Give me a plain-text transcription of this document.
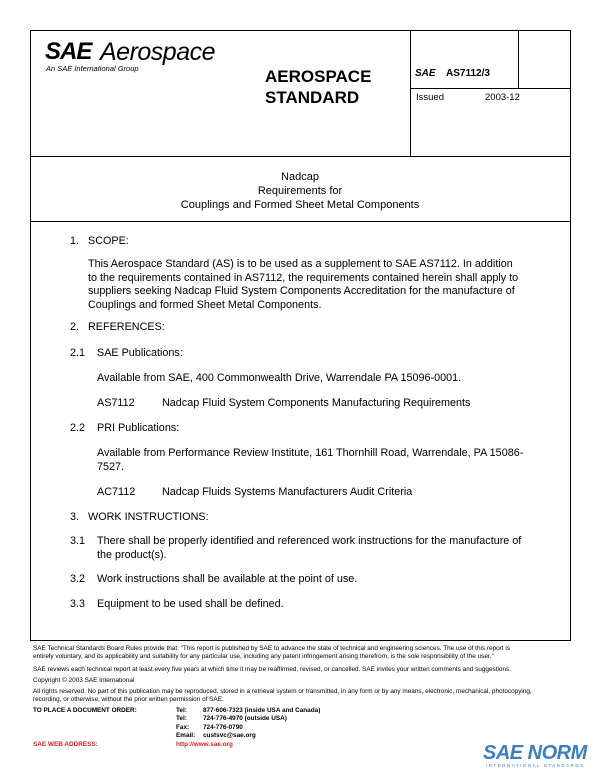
SAE Aerospace
An SAE International Group	AEROSPACE
STANDARD
SAE AS7112/3
Issued	2003-12
Nadcap
Requirements for
Couplings and Formed Sheet Metal Components
1. SCOPE:
This Aerospace Standard (AS) is to be used as a supplement to SAE AS7112. In addition
to the requirements contained in AS7112, the requirements contained herein shall apply to
suppliers seeking Nadcap Fluid System Components Accreditation for the manufacture of
Couplings and formed Sheet Metal Components.
2. REFERENCES:
2.1 SAE Publications:
Available from SAE, 400 Commonwealth Drive, Warrendale PA 15096-0001.
AS7112	Nadcap Fluid System Components Manufacturing Requirements
2.2 PRI Publications:
Available from Performance Review Institute, 161 Thornhill Road, Warrendale, PA 15086-
7527.
AC7112 Nadcap Fluids Systems Manufacturers Audit Criteria
3. WORK INSTRUCTIONS:
3.1 There shall be properly identified and referenced work instructions for the manufacture of
the product(s).
3.2 Work instructions shall be available at the point of use.
3.3 Equipment to be used shall be defined.
SAE Technical Standards Board Rules provide that: "This report is published by SAE to advance the state of technical and engineering sciences. The use of this report is
entirely voluntary, and its applicability and suitability for any particular use, including any patent infringement arising therefrom, is the sole responsibility of the user."
SAE reviews each technical report at least every five years at which time it may be reaffirmed, revised, or cancelled. SAE invites your written comments and suggestions.
Copyright © 2003 SAE International
All rights reserved. No part of this publication may be reproduced, stored in a retrieval system or transmitted, in any form or by any means, electronic, mechanical, photocopying,
recording, or otherwise, without the prior written permission of SAE.
TO PLACE A DOCUMENT ORDER:	Tel:	877-606-7323 (inside USA and Canada)
Tel:	724-776-4970 (outside USA)
Fax: 724-776-0790
Email: custsvc@sae.org
SAE WEB ADDRESS:	http://www.sae.org	SAE NORM
INTERNATIONAL STANDARDS
